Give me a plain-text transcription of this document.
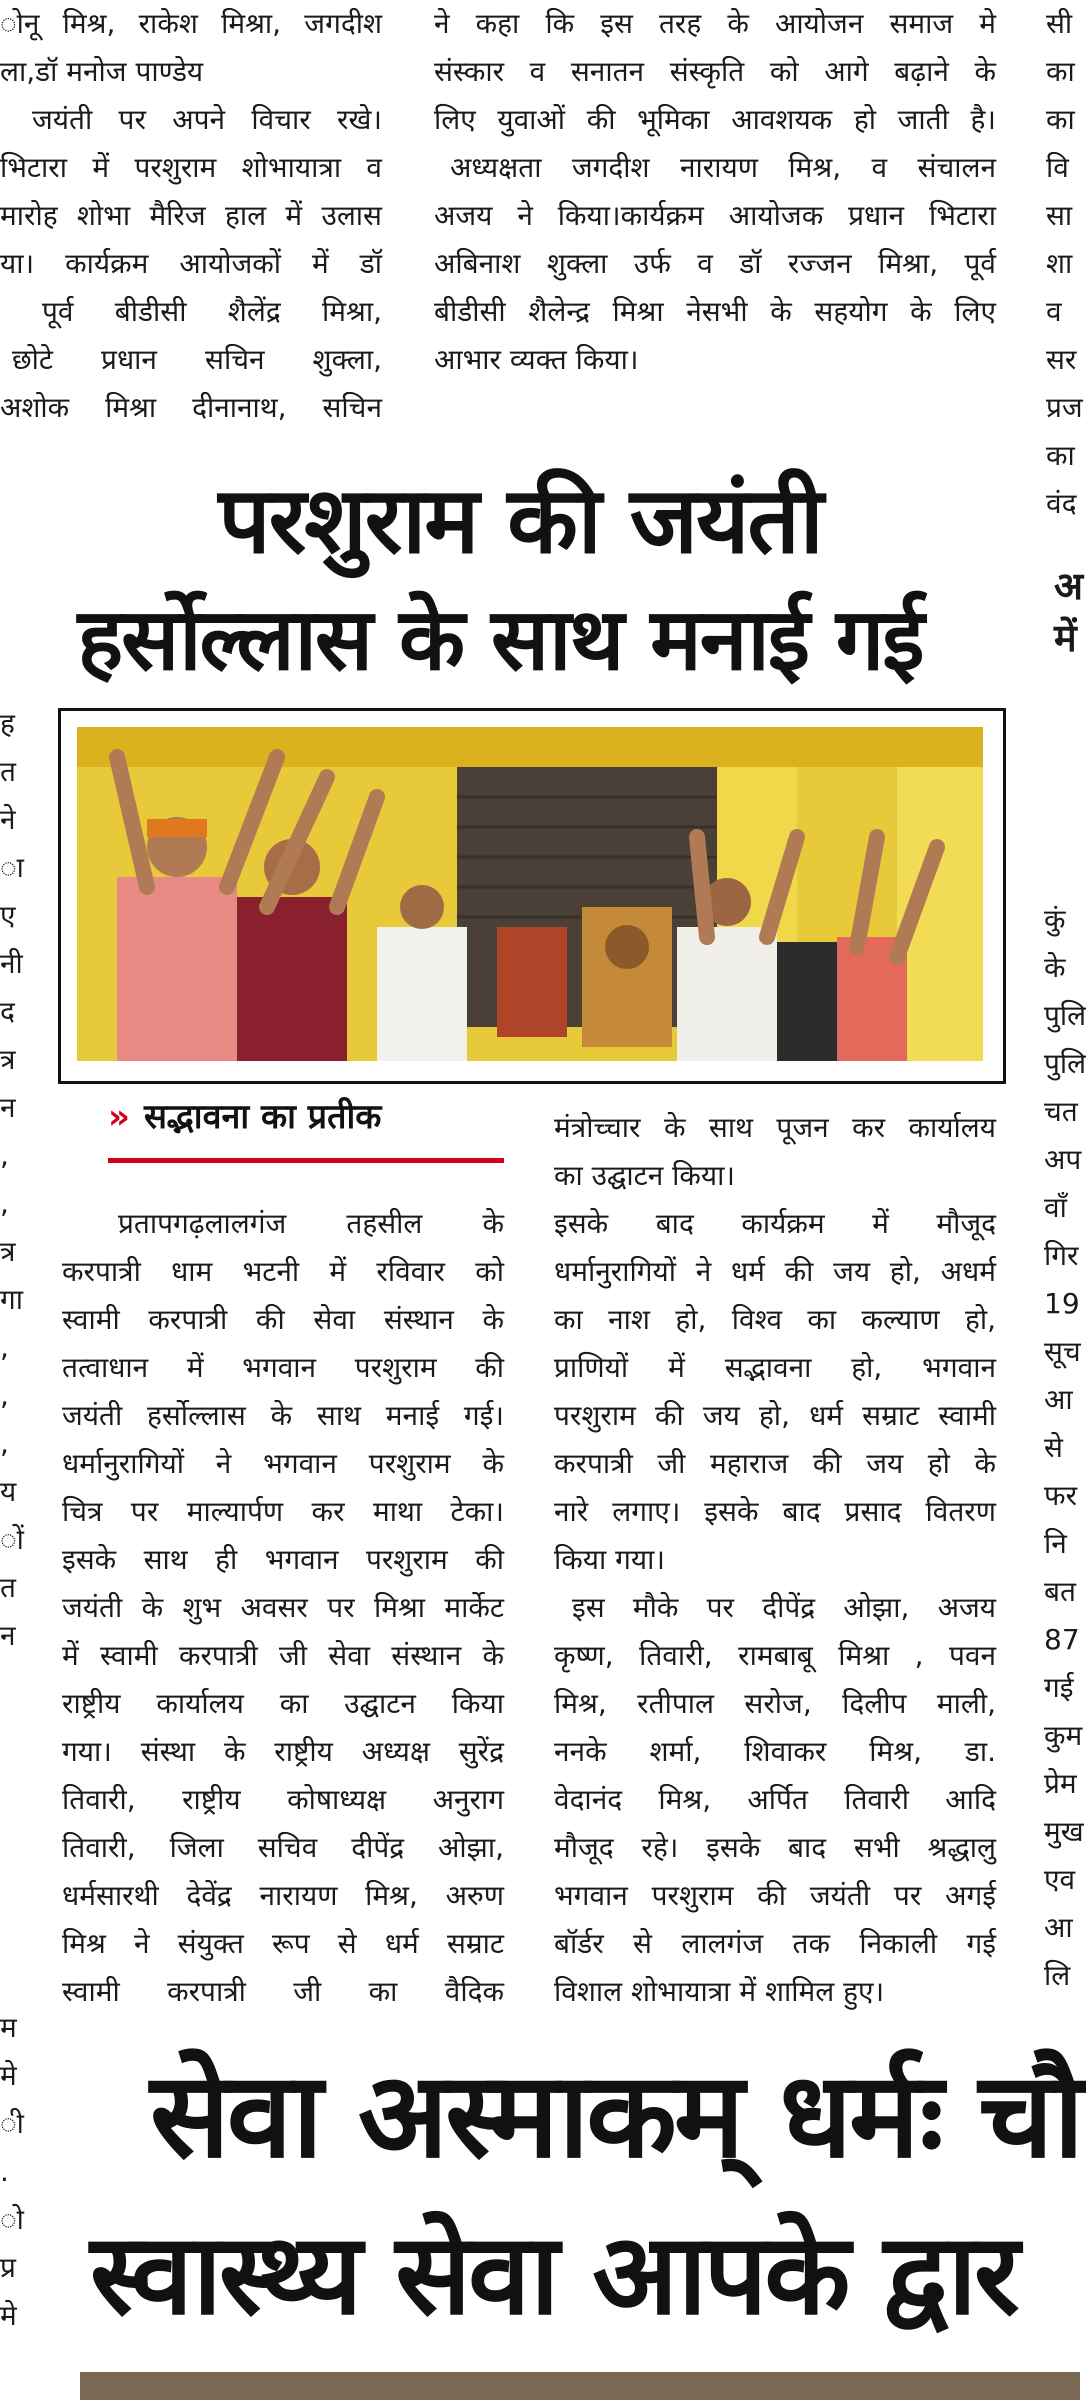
ोनू मिश्र, राकेश मिश्रा, जगदीश

ला,डॉ मनोज पाण्डेय

जयंती पर अपने विचार रखे।

भिटारा में परशुराम शोभायात्रा व

मारोह शोभा मैरिज हाल में उलास

या। कार्यक्रम आयोजकों में डॉ

पूर्व बीडीसी शैलेंद्र मिश्रा,

छोटे प्रधान सचिन शुक्ला,

अशोक मिश्रा दीनानाथ, सचिन

ने कहा कि इस तरह के आयोजन समाज मे

संस्कार व सनातन संस्कृति को आगे बढ़ाने के

लिए युवाओं की भूमिका आवशयक हो जाती है।

अध्यक्षता जगदीश नारायण मिश्र, व संचालन

अजय ने किया।कार्यक्रम आयोजक प्रधान भिटारा

अबिनाश शुक्ला उर्फ व डॉ रज्जन मिश्रा, पूर्व

बीडीसी शैलेन्द्र मिश्रा नेसभी के सहयोग के लिए

आभार व्यक्त किया।

सी

का

का

वि

सा

शा

व

सर

प्रज

का

वंद

अ

में

कुं

के

पुलि

पुलि

चत

अप

वाँ

गिर

19

सूच

आ

से

फर

नि

बत

87

गई

कुम

प्रेम

मुख

एव

आ

लि

ह

त

ने

ा

ए

नी

द

त्र

न

,

,

त्र

गा

,

,

,

य

ों

त

न

म

मे

ी

.

ो

प्र

मे

परशुराम की जयंती
हर्सोल्लास के साथ मनाई गई
» सद्भावना का प्रतीक

प्रतापगढ़लालगंज तहसील के

करपात्री धाम भटनी में रविवार को

स्वामी करपात्री की सेवा संस्थान के

तत्वाधान में भगवान परशुराम की

जयंती हर्सोल्लास के साथ मनाई गई।

धर्मानुरागियों ने भगवान परशुराम के

चित्र पर माल्यार्पण कर माथा टेका।

इसके साथ ही भगवान परशुराम की

जयंती के शुभ अवसर पर मिश्रा मार्केट

में स्वामी करपात्री जी सेवा संस्थान के

राष्ट्रीय कार्यालय का उद्घाटन किया

गया। संस्था के राष्ट्रीय अध्यक्ष सुरेंद्र

तिवारी, राष्ट्रीय कोषाध्यक्ष अनुराग

तिवारी, जिला सचिव दीपेंद्र ओझा,

धर्मसारथी देवेंद्र नारायण मिश्र, अरुण

मिश्र ने संयुक्त रूप से धर्म सम्राट

स्वामी करपात्री जी का वैदिक

मंत्रोच्चार के साथ पूजन कर कार्यालय

का उद्घाटन किया।

इसके बाद कार्यक्रम में मौजूद

धर्मानुरागियों ने धर्म की जय हो, अधर्म

का नाश हो, विश्व का कल्याण हो,

प्राणियों में सद्भावना हो, भगवान

परशुराम की जय हो, धर्म सम्राट स्वामी

करपात्री जी महाराज की जय हो के

नारे लगाए। इसके बाद प्रसाद वितरण

किया गया।

इस मौके पर दीपेंद्र ओझा, अजय

कृष्ण, तिवारी, रामबाबू मिश्रा , पवन

मिश्र, रतीपाल सरोज, दिलीप माली,

ननके शर्मा, शिवाकर मिश्र, डा.

वेदानंद मिश्र, अर्पित तिवारी आदि

मौजूद रहे। इसके बाद सभी श्रद्धालु

भगवान परशुराम की जयंती पर अगई

बॉर्डर से लालगंज तक निकाली गई

विशाल शोभायात्रा में शामिल हुए।

सेवा अस्माकम् धर्मः चौ
स्वास्थ्य सेवा आपके द्वार
